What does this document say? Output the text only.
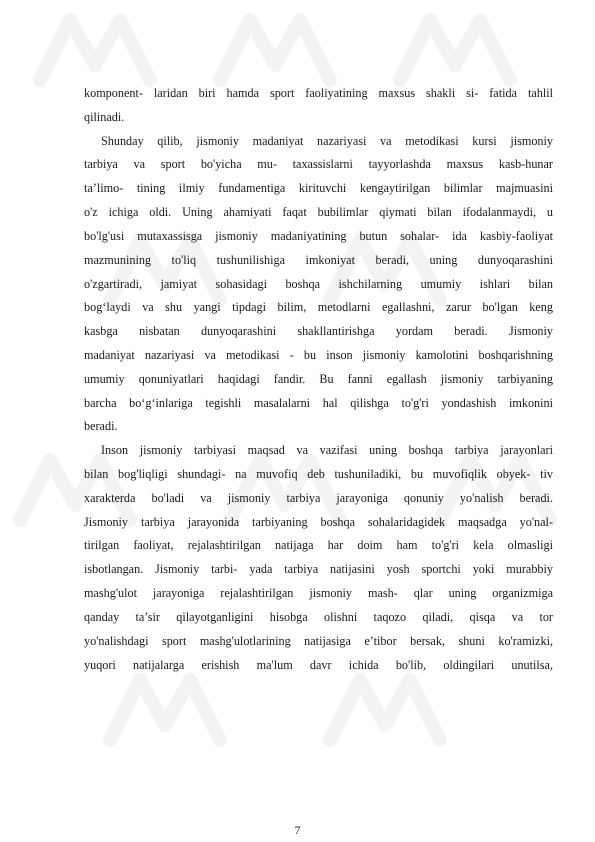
komponent- laridan biri hamda sport faoliyatining maxsus shakli si- fatida tahlil
qilinadi.
Shunday qilib, jismoniy madaniyat nazariyasi va metodikasi kursi jismoniy
tarbiya va sport bo'yicha mu- taxassislarni tayyorlashda maxsus kasb-hunar
ta’limo- tining ilmiy fundamentiga kirituvchi kengaytirilgan bilimlar majmuasini
o'z ichiga oldi. Uning ahamiyati faqat bubilimlar qiymati bilan ifodalanmaydi, u
bo'lg'usi mutaxassisga jismoniy madaniyatining butun sohalar- ida kasbiy-faoliyat
mazmunining to'liq tushunilishiga imkoniyat beradi, uning dunyoqarashini
o'zgartiradi, jamiyat sohasidagi boshqa ishchilarning umumiy ishlari bilan
bog‘laydi va shu yangi tipdagi bilim, metodlarni egallashni, zarur bo'lgan keng
kasbga nisbatan dunyoqarashini shakllantirishga yordam beradi. Jismoniy
madaniyat nazariyasi va metodikasi - bu inson jismoniy kamolotini boshqarishning
umumiy qonuniyatlari haqidagi fandir. Bu fanni egallash jismoniy tarbiyaning
barcha bo‘g‘inlariga tegishli masalalarni hal qilishga to'g'ri yondashish imkonini
beradi.
Inson jismoniy tarbiyasi maqsad va vazifasi uning boshqa tarbiya jarayonlari
bilan bog'liqligi shundagi- na muvofiq deb tushuniladiki, bu muvofiqlik obyek- tiv
xarakterda bo'ladi va jismoniy tarbiya jarayoniga qonuniy yo'nalish beradi.
Jismoniy tarbiya jarayonida tarbiyaning boshqa sohalaridagidek maqsadga yo'nal-
tirilgan faoliyat, rejalashtirilgan natijaga har doim ham to'g'ri kela olmasligi
isbotlangan. Jismoniy tarbi- yada tarbiya natijasini yosh sportchi yoki murabbiy
mashg'ulot jarayoniga rejalashtirilgan jismoniy mash- qlar uning organizmiga
qanday ta’sir qilayotganligini hisobga olishni taqozo qiladi, qisqa va tor
yo'nalishdagi sport mashg'ulotlarining natijasiga e’tibor bersak, shuni ko'ramizki,
yuqori natijalarga erishish ma'lum davr ichida bo'lib, oldingilari unutilsa,
7
